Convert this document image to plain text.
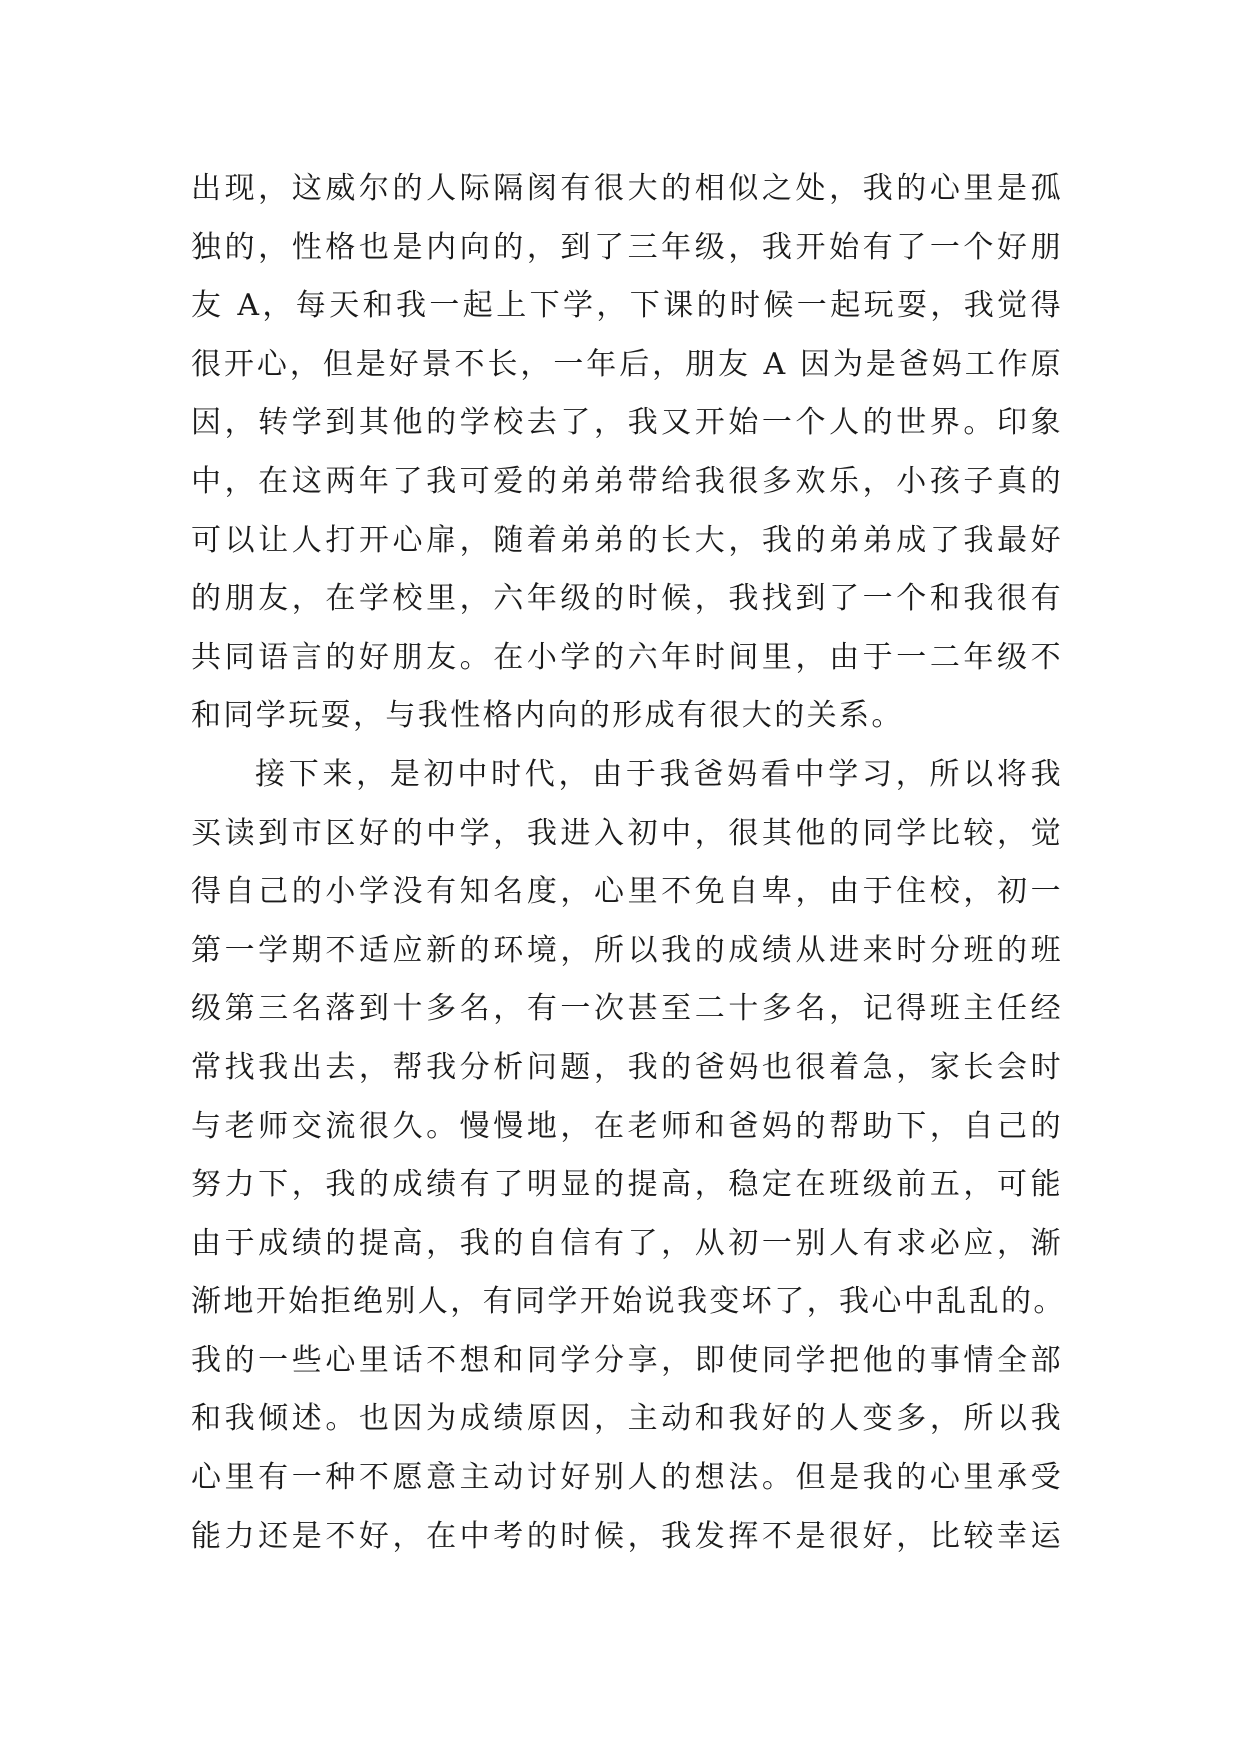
出现，这威尔的人际隔阂有很大的相似之处，我的心里是孤
独的，性格也是内向的，到了三年级，我开始有了一个好朋
友 A，每天和我一起上下学，下课的时候一起玩耍，我觉得
很开心，但是好景不长，一年后，朋友 A 因为是爸妈工作原
因，转学到其他的学校去了，我又开始一个人的世界。印象
中，在这两年了我可爱的弟弟带给我很多欢乐，小孩子真的
可以让人打开心扉，随着弟弟的长大，我的弟弟成了我最好
的朋友，在学校里，六年级的时候，我找到了一个和我很有
共同语言的好朋友。在小学的六年时间里，由于一二年级不
和同学玩耍，与我性格内向的形成有很大的关系。
接下来，是初中时代，由于我爸妈看中学习，所以将我
买读到市区好的中学，我进入初中，很其他的同学比较，觉
得自己的小学没有知名度，心里不免自卑，由于住校，初一
第一学期不适应新的环境，所以我的成绩从进来时分班的班
级第三名落到十多名，有一次甚至二十多名，记得班主任经
常找我出去，帮我分析问题，我的爸妈也很着急，家长会时
与老师交流很久。慢慢地，在老师和爸妈的帮助下，自己的
努力下，我的成绩有了明显的提高，稳定在班级前五，可能
由于成绩的提高，我的自信有了，从初一别人有求必应，渐
渐地开始拒绝别人，有同学开始说我变坏了，我心中乱乱的。
我的一些心里话不想和同学分享，即使同学把他的事情全部
和我倾述。也因为成绩原因，主动和我好的人变多，所以我
心里有一种不愿意主动讨好别人的想法。但是我的心里承受
能力还是不好，在中考的时候，我发挥不是很好，比较幸运
